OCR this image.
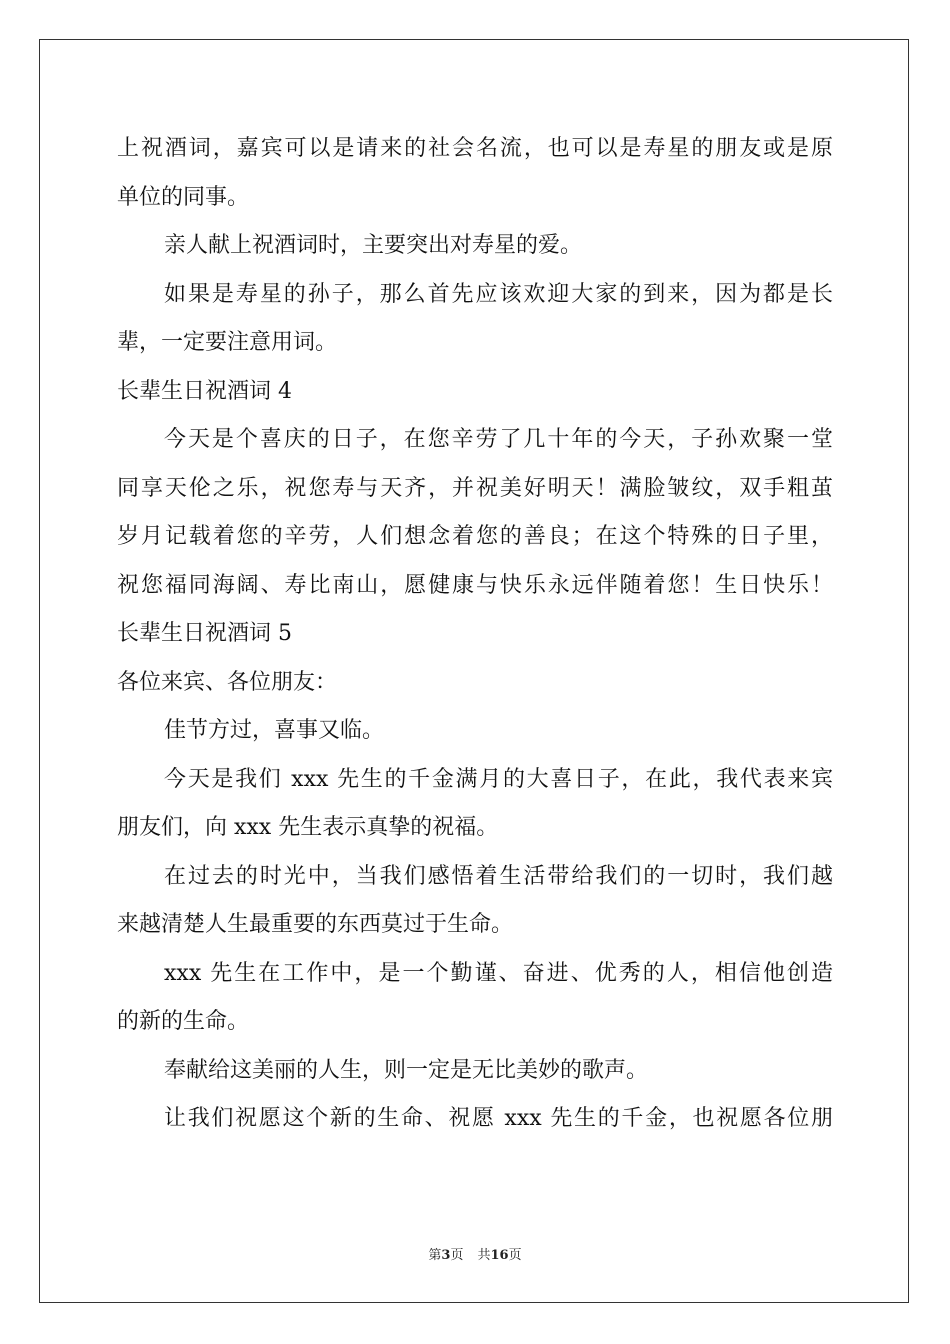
上祝酒词，嘉宾可以是请来的社会名流，也可以是寿星的朋友或是原
单位的同事。
亲人献上祝酒词时，主要突出对寿星的爱。
如果是寿星的孙子，那么首先应该欢迎大家的到来，因为都是长
辈，一定要注意用词。
长辈生日祝酒词 4
今天是个喜庆的日子，在您辛劳了几十年的今天，子孙欢聚一堂
同享天伦之乐，祝您寿与天齐，并祝美好明天！满脸皱纹，双手粗茧
岁月记载着您的辛劳，人们想念着您的善良；在这个特殊的日子里，
祝您福同海阔、寿比南山，愿健康与快乐永远伴随着您！生日快乐！
长辈生日祝酒词 5
各位来宾、各位朋友：
佳节方过，喜事又临。
今天是我们 xxx 先生的千金满月的大喜日子，在此，我代表来宾
朋友们，向 xxx 先生表示真挚的祝福。
在过去的时光中，当我们感悟着生活带给我们的一切时，我们越
来越清楚人生最重要的东西莫过于生命。
xxx 先生在工作中，是一个勤谨、奋进、优秀的人，相信他创造
的新的生命。
奉献给这美丽的人生，则一定是无比美妙的歌声。
让我们祝愿这个新的生命、祝愿 xxx 先生的千金，也祝愿各位朋
第3页 共16页
